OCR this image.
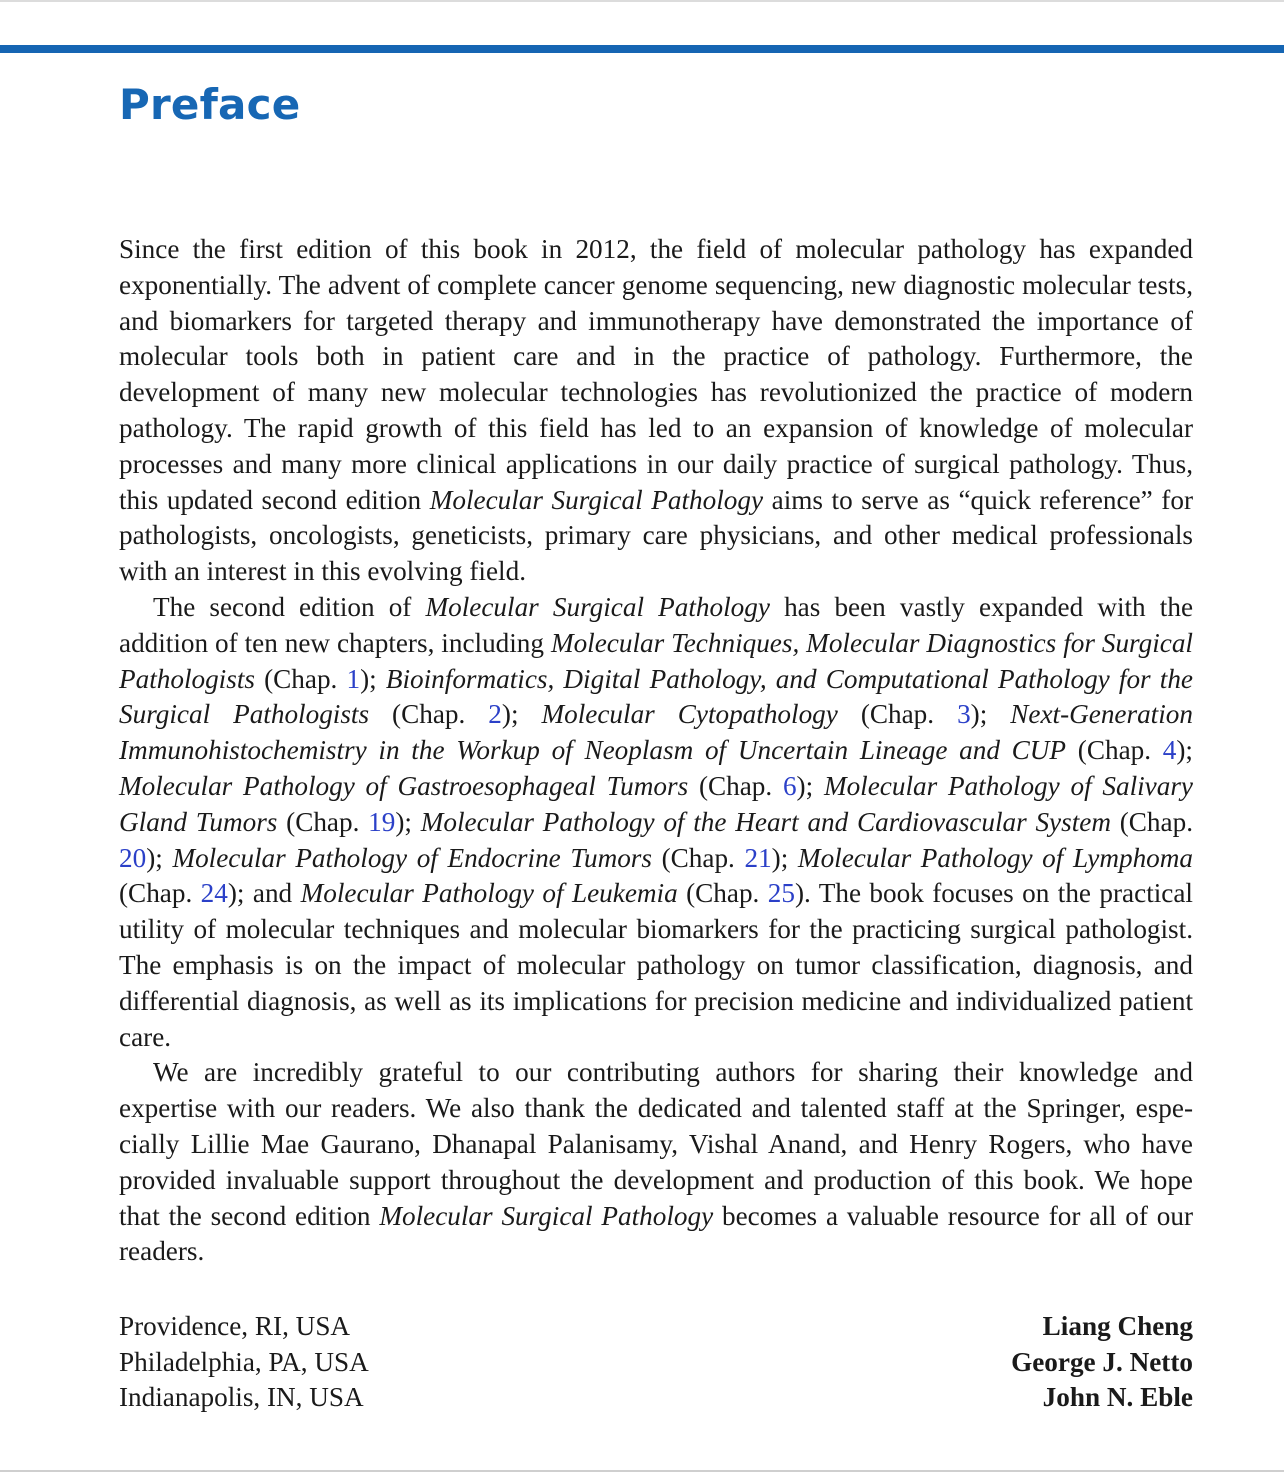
Preface

Since the first edition of this book in 2012, the field of molecular pathology has expanded exponentially. The advent of complete cancer genome sequencing, new diagnostic molecular tests, and biomarkers for targeted therapy and immunotherapy have demonstrated the importance of molecular tools both in patient care and in the practice of pathology. Furthermore, the development of many new molecular technologies has revolutionized the practice of modern pathology. The rapid growth of this field has led to an expansion of knowledge of molecular processes and many more clinical applications in our daily practice of surgical pathology. Thus, this updated second edition Molecular Surgical Pathology aims to serve as “quick reference” for pathologists, oncologists, geneticists, primary care physicians, and other medical professionals with an interest in this evolving field.

The second edition of Molecular Surgical Pathology has been vastly expanded with the addition of ten new chapters, including Molecular Techniques, Molecular Diagnostics for Surgical Pathologists (Chap. 1); Bioinformatics, Digital Pathology, and Computational Pathology for the Surgical Pathologists (Chap. 2); Molecular Cytopathology (Chap. 3); Next-Generation Immunohistochemistry in the Workup of Neoplasm of Uncertain Lineage and CUP (Chap. 4); Molecular Pathology of Gastroesophageal Tumors (Chap. 6); Molecular Pathology of Salivary Gland Tumors (Chap. 19); Molecular Pathology of the Heart and Cardiovascular System (Chap. 20); Molecular Pathology of Endocrine Tumors (Chap. 21); Molecular Pathology of Lymphoma (Chap. 24); and Molecular Pathology of Leukemia (Chap. 25). The book focuses on the practical utility of molecular techniques and molecular biomarkers for the practicing surgical pathologist. The emphasis is on the impact of molecular pathology on tumor classification, diagnosis, and differential diagnosis, as well as its implications for precision medicine and individualized patient care.

We are incredibly grateful to our contributing authors for sharing their knowledge and expertise with our readers. We also thank the dedicated and talented staff at the Springer, especially Lillie Mae Gaurano, Dhanapal Palanisamy, Vishal Anand, and Henry Rogers, who have provided invaluable support throughout the development and production of this book. We hope that the second edition Molecular Surgical Pathology becomes a valuable resource for all of our readers.

Providence, RI, USA	Liang Cheng
Philadelphia, PA, USA	George J. Netto
Indianapolis, IN, USA	John N. Eble
